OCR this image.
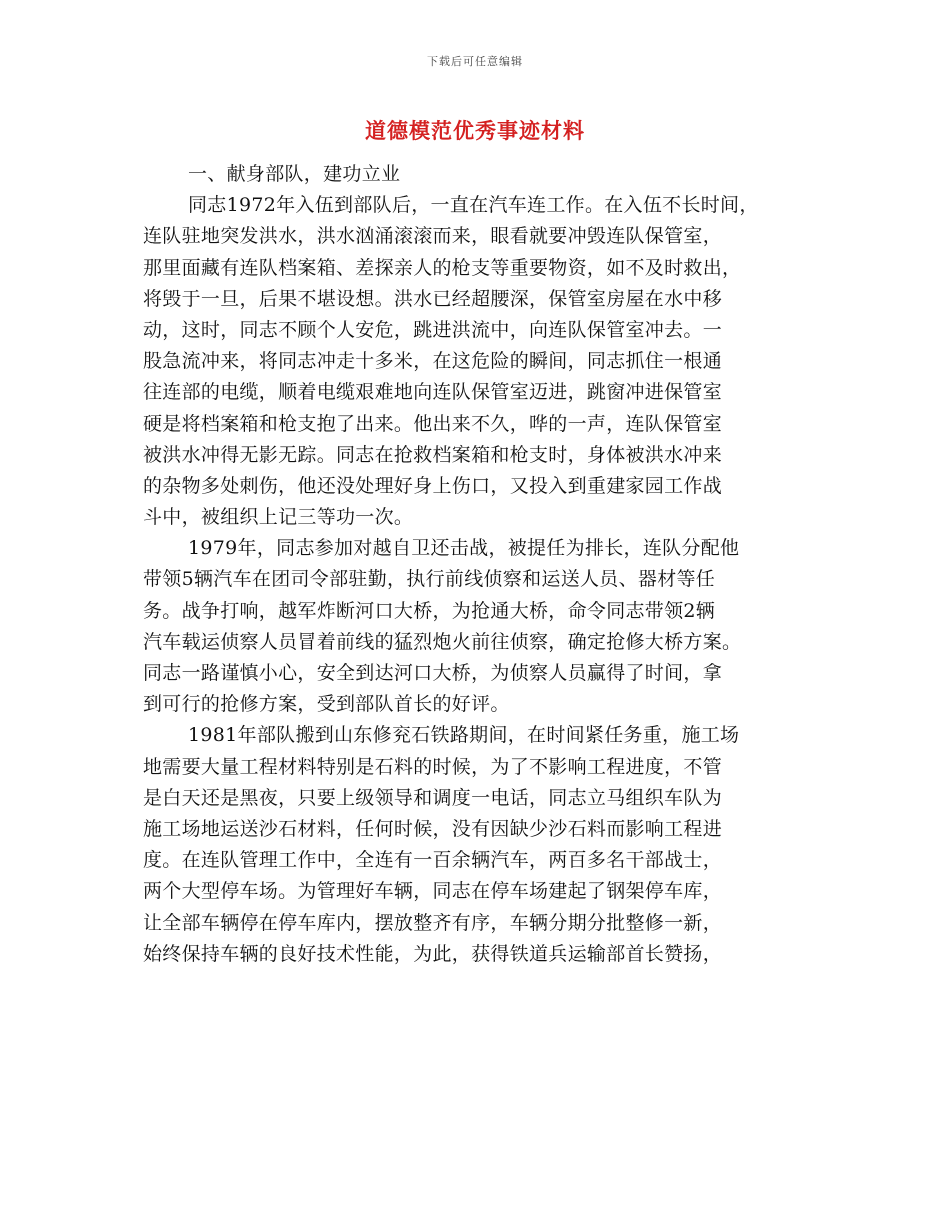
下载后可任意编辑
道德模范优秀事迹材料
一、献身部队，建功立业
同志1972年入伍到部队后，一直在汽车连工作。在入伍不长时间，
连队驻地突发洪水，洪水汹涌滚滚而来，眼看就要冲毁连队保管室，
那里面藏有连队档案箱、差探亲人的枪支等重要物资，如不及时救出，
将毁于一旦，后果不堪设想。洪水已经超腰深，保管室房屋在水中移
动，这时，同志不顾个人安危，跳进洪流中，向连队保管室冲去。一
股急流冲来，将同志冲走十多米，在这危险的瞬间，同志抓住一根通
往连部的电缆，顺着电缆艰难地向连队保管室迈进，跳窗冲进保管室
硬是将档案箱和枪支抱了出来。他出来不久，哗的一声，连队保管室
被洪水冲得无影无踪。同志在抢救档案箱和枪支时，身体被洪水冲来
的杂物多处刺伤，他还没处理好身上伤口，又投入到重建家园工作战
斗中，被组织上记三等功一次。
1979年，同志参加对越自卫还击战，被提任为排长，连队分配他
带领5辆汽车在团司令部驻勤，执行前线侦察和运送人员、器材等任
务。战争打响，越军炸断河口大桥，为抢通大桥，命令同志带领2辆
汽车载运侦察人员冒着前线的猛烈炮火前往侦察，确定抢修大桥方案。
同志一路谨慎小心，安全到达河口大桥，为侦察人员赢得了时间，拿
到可行的抢修方案，受到部队首长的好评。
1981年部队搬到山东修兖石铁路期间，在时间紧任务重，施工场
地需要大量工程材料特别是石料的时候，为了不影响工程进度，不管
是白天还是黑夜，只要上级领导和调度一电话，同志立马组织车队为
施工场地运送沙石材料，任何时候，没有因缺少沙石料而影响工程进
度。在连队管理工作中，全连有一百余辆汽车，两百多名干部战士，
两个大型停车场。为管理好车辆，同志在停车场建起了钢架停车库，
让全部车辆停在停车库内，摆放整齐有序，车辆分期分批整修一新，
始终保持车辆的良好技术性能，为此，获得铁道兵运输部首长赞扬，
